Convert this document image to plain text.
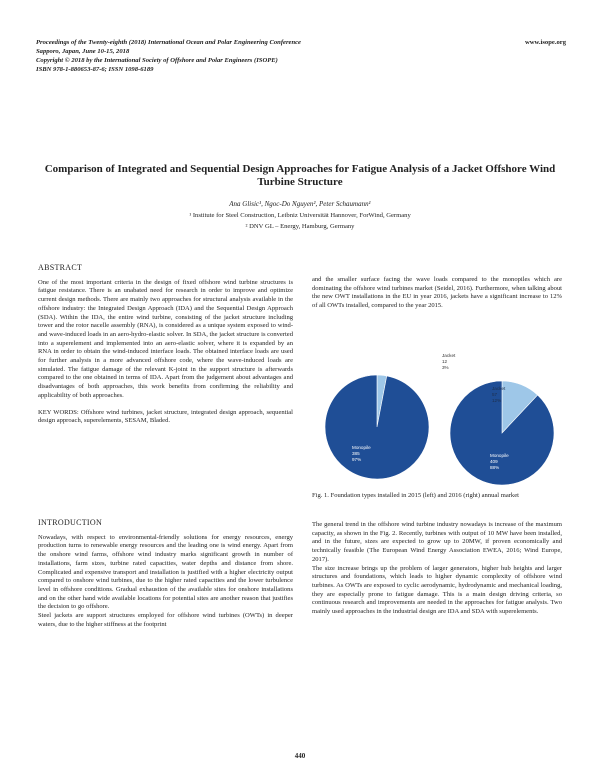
Proceedings of the Twenty-eighth (2018) International Ocean and Polar Engineering Conference
Sapporo, Japan, June 10-15, 2018
Copyright © 2018 by the International Society of Offshore and Polar Engineers (ISOPE)
ISBN 978-1-880653-87-6; ISSN 1098-6189
www.isope.org
Comparison of Integrated and Sequential Design Approaches for Fatigue Analysis of a Jacket Offshore Wind Turbine Structure
Ana Glisic¹, Ngoc-Do Nguyen², Peter Schaumann¹
¹ Institute for Steel Construction, Leibniz Universität Hannover, ForWind, Germany
² DNV GL – Energy, Hamburg, Germany
ABSTRACT

One of the most important criteria in the design of fixed offshore wind turbine structures is fatigue resistance. There is an unabated need for research in order to improve and optimize current design methods. There are mainly two approaches for structural analysis available in the offshore industry: the Integrated Design Approach (IDA) and the Sequential Design Approach (SDA). Within the IDA, the entire wind turbine, consisting of the jacket structure including tower and the rotor nacelle assembly (RNA), is considered as a unique system exposed to wind- and wave-induced loads in an aero-hydro-elastic solver. In SDA, the jacket structure is converted into a superelement and implemented into an aero-elastic solver, where it is expanded by an RNA in order to obtain the wind-induced interface loads. The obtained interface loads are used for further analysis in a more advanced offshore code, where the wave-induced loads are simulated. The fatigue damage of the relevant K-joint in the support structure is afterwards compared to the one obtained in terms of IDA. Apart from the judgement about advantages and disadvantages of both approaches, this work benefits from confirming the reliability and applicability of both approaches.

KEY WORDS: Offshore wind turbines, jacket structure, integrated design approach, sequential design approach, superelements, SESAM, Bladed.

INTRODUCTION

Nowadays, with respect to environmental-friendly solutions for energy resources, energy production turns to renewable energy resources and the leading one is wind energy. Apart from the onshore wind farms, offshore wind industry marks significant growth in number of installations, farm sizes, turbine rated capacities, water depths and distance from shore. Complicated and expensive transport and installation is justified with a higher electricity output compared to onshore wind turbines, due to the higher rated capacities and the lower turbulence level in offshore conditions. Gradual exhaustion of the available sites for onshore installations and on the other hand wide available locations for potential sites are another reason that justifies the decision to go offshore.

Steel jackets are support structures employed for offshore wind turbines (OWTs) in deeper waters, due to the higher stiffness at the footprint

and the smaller surface facing the wave loads compared to the monopiles which are dominating the offshore wind turbines market (Seidel, 2016). Furthermore, when talking about the new OWT installations in the EU in year 2016, jackets have a significant increase to 12% of all OWTs installed, compared to the year 2015.

Monopile
385
97%
Jacket
12
3%
Monopile
409
88%
Jacket
57
12%
Fig. 1. Foundation types installed in 2015 (left) and 2016 (right) annual market

The general trend in the offshore wind turbine industry nowadays is increase of the maximum capacity, as shown in the Fig. 2. Recently, turbines with output of 10 MW have been installed, and in the future, sizes are expected to grow up to 20MW, if proven economically and technically feasible (The European Wind Energy Association EWEA, 2016; Wind Europe, 2017).

The size increase brings up the problem of larger generators, higher hub heights and larger structures and foundations, which leads to higher dynamic complexity of offshore wind turbines. As OWTs are exposed to cyclic aerodynamic, hydrodynamic and mechanical loading, they are especially prone to fatigue damage. This is a main design driving criteria, so continuous research and improvements are needed in the approaches for fatigue analysis. Two mainly used approaches in the industrial design are IDA and SDA with superelements.

440
